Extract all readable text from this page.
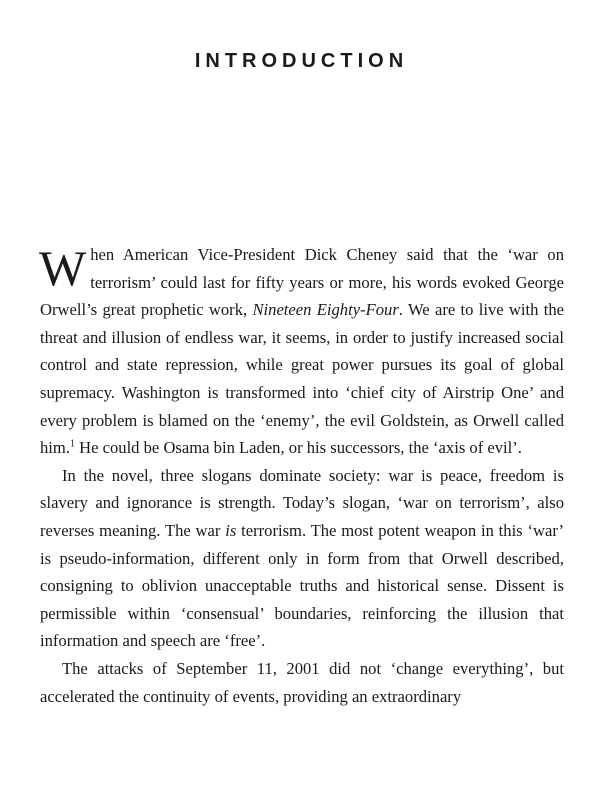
INTRODUCTION

When American Vice-President Dick Cheney said that the ‘war on terrorism’ could last for fifty years or more, his words evoked George Orwell’s great prophetic work, Nineteen Eighty-Four. We are to live with the threat and illusion of endless war, it seems, in order to justify increased social control and state repression, while great power pursues its goal of global supremacy. Washington is transformed into ‘chief city of Airstrip One’ and every problem is blamed on the ‘enemy’, the evil Goldstein, as Orwell called him.$^1$ He could be Osama bin Laden, or his successors, the ‘axis of evil’.

In the novel, three slogans dominate society: war is peace, freedom is slavery and ignorance is strength. Today’s slogan, ‘war on terrorism’, also reverses meaning. The war is terrorism. The most potent weapon in this ‘war’ is pseudo-information, different only in form from that Orwell described, consigning to oblivion unacceptable truths and historical sense. Dissent is permissible within ‘consensual’ boundaries, reinforcing the illusion that information and speech are ‘free’.

The attacks of September 11, 2001 did not ‘change everything’, but accelerated the continuity of events, providing an extraordinary
